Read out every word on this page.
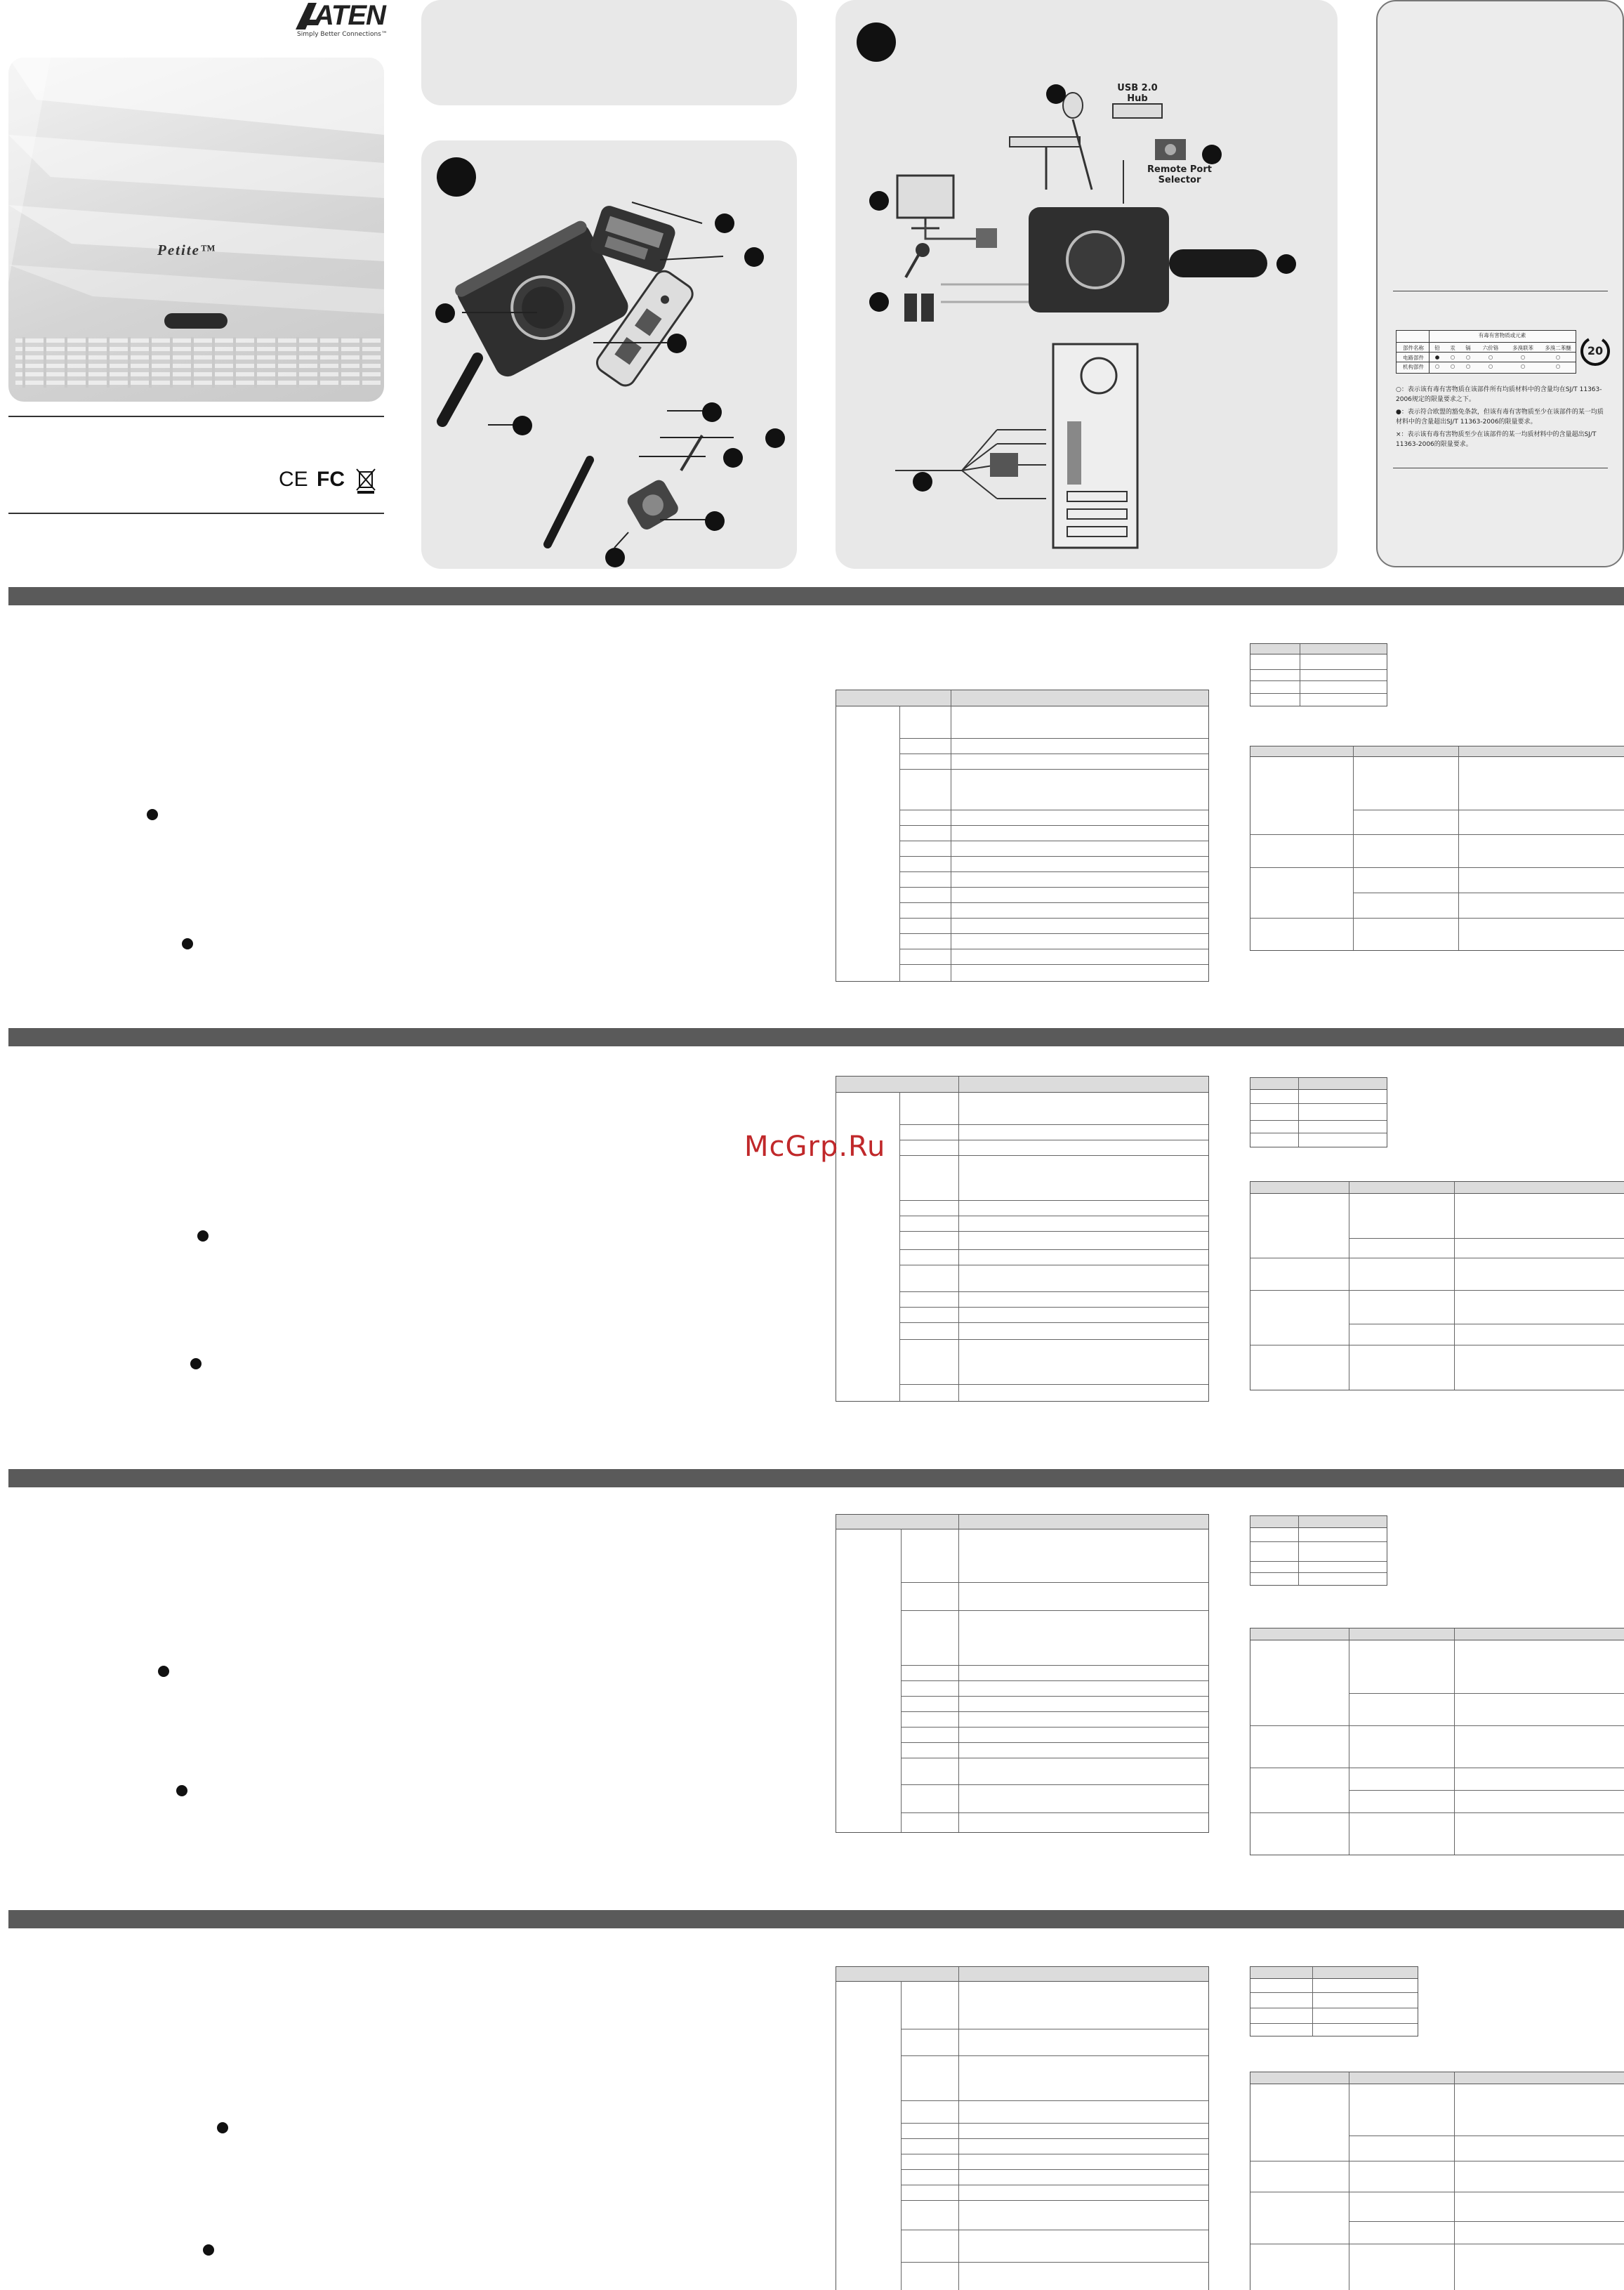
ATEN
Simply Better Connections™
Petite™
CE FC
USB 2.0
Hub
Remote Port
Selector
有毒有害物质或元素
部件名称	铅	汞	镉	六价铬	多溴联苯	多溴二苯醚
电路部件	●	○	○	○	○	○
机构部件	○	○	○	○	○	○
20
○：表示该有毒有害物质在该部件所有均质材料中的含量均在SJ/T 11363-2006规定的限量要求之下。
●：表示符合欧盟的豁免条款，但该有毒有害物质至少在该部件的某一均质材料中的含量超出SJ/T 11363-2006的限量要求。
×：表示该有毒有害物质至少在该部件的某一均质材料中的含量超出SJ/T 11363-2006的限量要求。
McGrp.Ru
